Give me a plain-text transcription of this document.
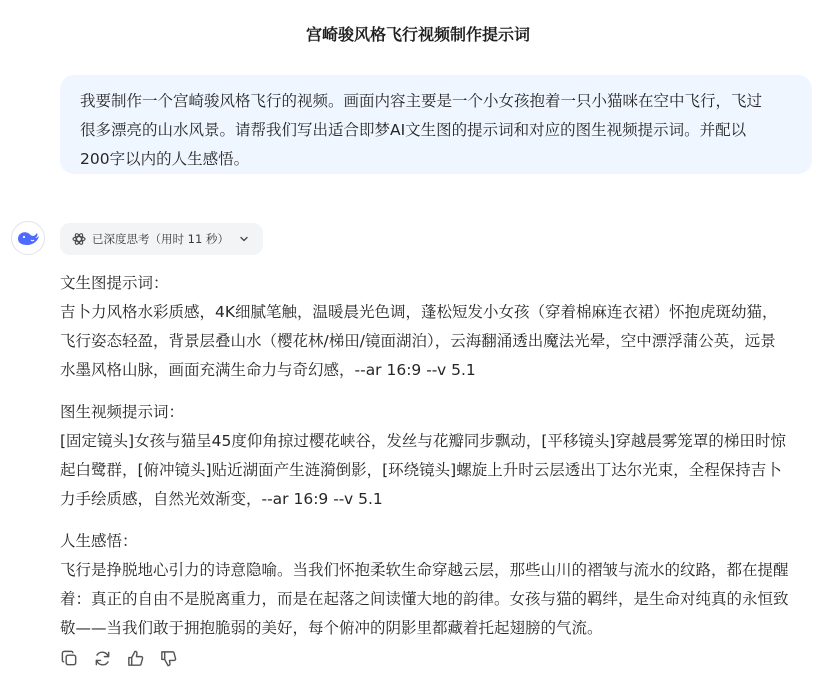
宫崎骏风格飞行视频制作提示词
我要制作一个宫崎骏风格飞行的视频。画面内容主要是一个小女孩抱着一只小猫咪在空中飞行，飞过
很多漂亮的山水风景。请帮我们写出适合即梦AI文生图的提示词和对应的图生视频提示词。并配以
200字以内的人生感悟。
已深度思考（用时 11 秒）
文生图提示词：
吉卜力风格水彩质感，4K细腻笔触，温暖晨光色调，蓬松短发小女孩（穿着棉麻连衣裙）怀抱虎斑幼猫，
飞行姿态轻盈，背景层叠山水（樱花林/梯田/镜面湖泊），云海翻涌透出魔法光晕，空中漂浮蒲公英，远景
水墨风格山脉，画面充满生命力与奇幻感，--ar 16:9 --v 5.1
图生视频提示词：
[固定镜头]女孩与猫呈45度仰角掠过樱花峡谷，发丝与花瓣同步飘动，[平移镜头]穿越晨雾笼罩的梯田时惊
起白鹭群，[俯冲镜头]贴近湖面产生涟漪倒影，[环绕镜头]螺旋上升时云层透出丁达尔光束，全程保持吉卜
力手绘质感，自然光效渐变，--ar 16:9 --v 5.1
人生感悟：
飞行是挣脱地心引力的诗意隐喻。当我们怀抱柔软生命穿越云层，那些山川的褶皱与流水的纹路，都在提醒
着：真正的自由不是脱离重力，而是在起落之间读懂大地的韵律。女孩与猫的羁绊，是生命对纯真的永恒致
敬——当我们敢于拥抱脆弱的美好，每个俯冲的阴影里都藏着托起翅膀的气流。
